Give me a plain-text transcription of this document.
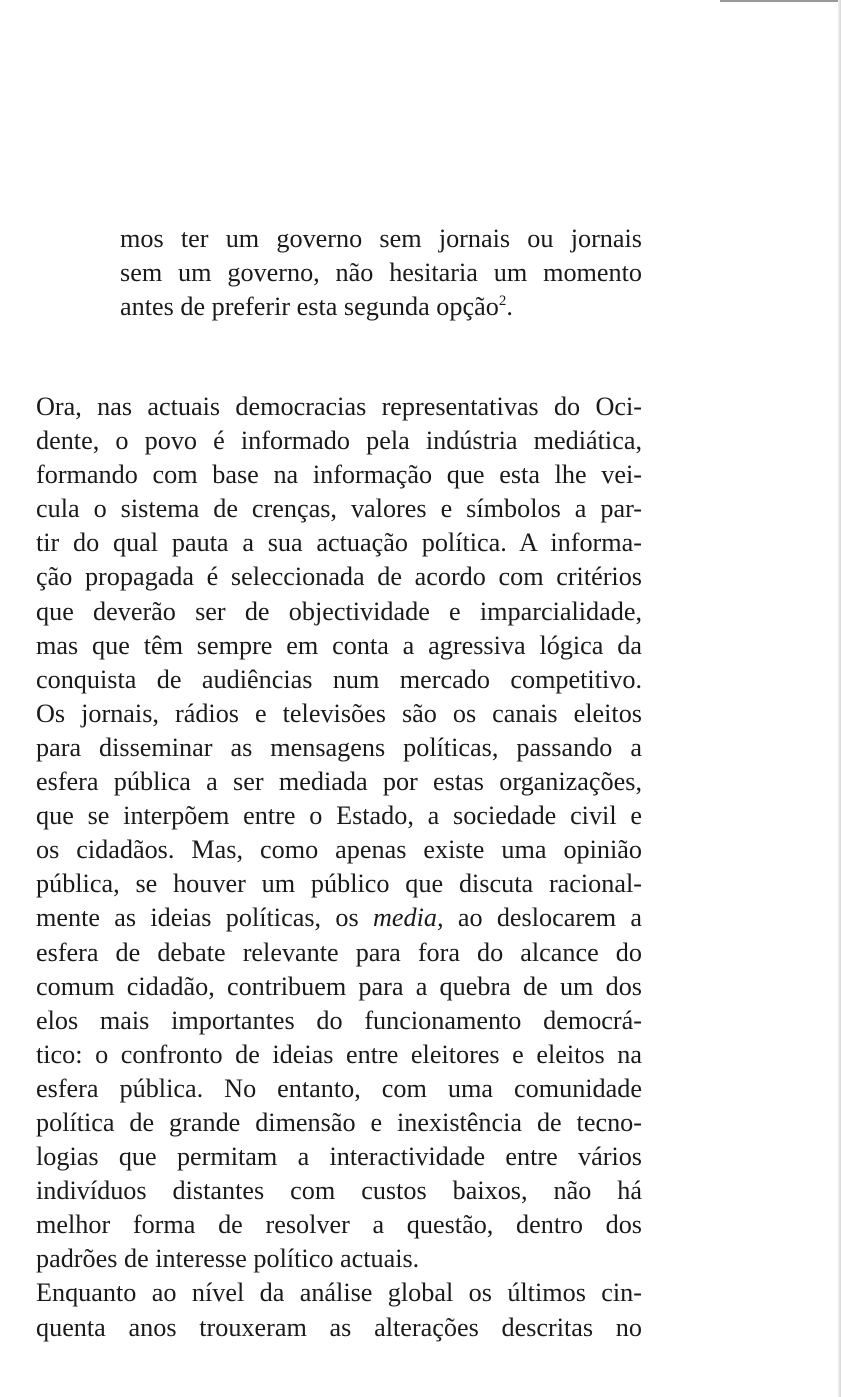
mos ter um governo sem jornais ou jornais
sem um governo, não hesitaria um momento
antes de preferir esta segunda opção$^2$.
Ora, nas actuais democracias representativas do Oci-
dente, o povo é informado pela indústria mediática,
formando com base na informação que esta lhe vei-
cula o sistema de crenças, valores e símbolos a par-
tir do qual pauta a sua actuação política. A informa-
ção propagada é seleccionada de acordo com critérios
que deverão ser de objectividade e imparcialidade,
mas que têm sempre em conta a agressiva lógica da
conquista de audiências num mercado competitivo.
Os jornais, rádios e televisões são os canais eleitos
para disseminar as mensagens políticas, passando a
esfera pública a ser mediada por estas organizações,
que se interpõem entre o Estado, a sociedade civil e
os cidadãos. Mas, como apenas existe uma opinião
pública, se houver um público que discuta racional-
mente as ideias políticas, os media, ao deslocarem a
esfera de debate relevante para fora do alcance do
comum cidadão, contribuem para a quebra de um dos
elos mais importantes do funcionamento democrá-
tico: o confronto de ideias entre eleitores e eleitos na
esfera pública. No entanto, com uma comunidade
política de grande dimensão e inexistência de tecno-
logias que permitam a interactividade entre vários
indivíduos distantes com custos baixos, não há
melhor forma de resolver a questão, dentro dos
padrões de interesse político actuais.
Enquanto ao nível da análise global os últimos cin-
quenta anos trouxeram as alterações descritas no
